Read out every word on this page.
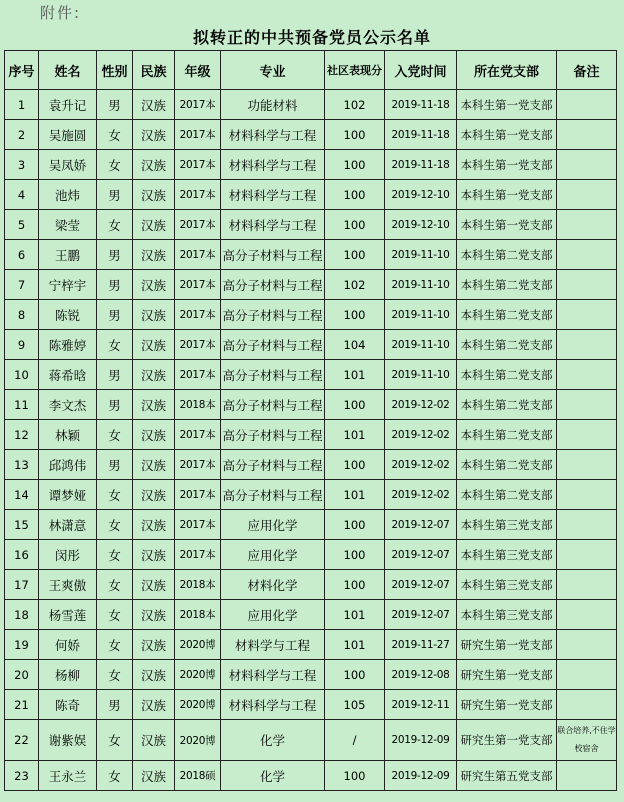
附件:
拟转正的中共预备党员公示名单
序号	姓名	性别	民族	年级	专业	社区表现分	入党时间	所在党支部	备注
1	袁升记	男	汉族	2017本	功能材料	102	2019-11-18	本科生第一党支部	
2	吴施圆	女	汉族	2017本	材料科学与工程	100	2019-11-18	本科生第一党支部	
3	吴凤娇	女	汉族	2017本	材料科学与工程	100	2019-11-18	本科生第一党支部	
4	池炜	男	汉族	2017本	材料科学与工程	100	2019-12-10	本科生第一党支部	
5	梁莹	女	汉族	2017本	材料科学与工程	100	2019-12-10	本科生第一党支部	
6	王鹏	男	汉族	2017本	高分子材料与工程	100	2019-11-10	本科生第二党支部	
7	宁梓宇	男	汉族	2017本	高分子材料与工程	102	2019-11-10	本科生第二党支部	
8	陈锐	男	汉族	2017本	高分子材料与工程	100	2019-11-10	本科生第二党支部	
9	陈雅婷	女	汉族	2017本	高分子材料与工程	104	2019-11-10	本科生第二党支部	
10	蒋希晗	男	汉族	2017本	高分子材料与工程	101	2019-11-10	本科生第二党支部	
11	李文杰	男	汉族	2018本	高分子材料与工程	100	2019-12-02	本科生第二党支部	
12	林颖	女	汉族	2017本	高分子材料与工程	101	2019-12-02	本科生第二党支部	
13	邱鸿伟	男	汉族	2017本	高分子材料与工程	100	2019-12-02	本科生第二党支部	
14	谭梦娅	女	汉族	2017本	高分子材料与工程	101	2019-12-02	本科生第二党支部	
15	林潇意	女	汉族	2017本	应用化学	100	2019-12-07	本科生第三党支部	
16	闵彤	女	汉族	2017本	应用化学	100	2019-12-07	本科生第三党支部	
17	王爽傲	女	汉族	2018本	材料化学	100	2019-12-07	本科生第三党支部	
18	杨雪莲	女	汉族	2018本	应用化学	101	2019-12-07	本科生第三党支部	
19	何娇	女	汉族	2020博	材料学与工程	101	2019-11-27	研究生第一党支部	
20	杨柳	女	汉族	2020博	材料科学与工程	100	2019-12-08	研究生第一党支部	
21	陈奇	男	汉族	2020博	材料科学与工程	105	2019-12-11	研究生第一党支部	
22	谢紫娱	女	汉族	2020博	化学	/	2019-12-09	研究生第一党支部	联合培养,不住学校宿舍
23	王永兰	女	汉族	2018硕	化学	100	2019-12-09	研究生第五党支部	
